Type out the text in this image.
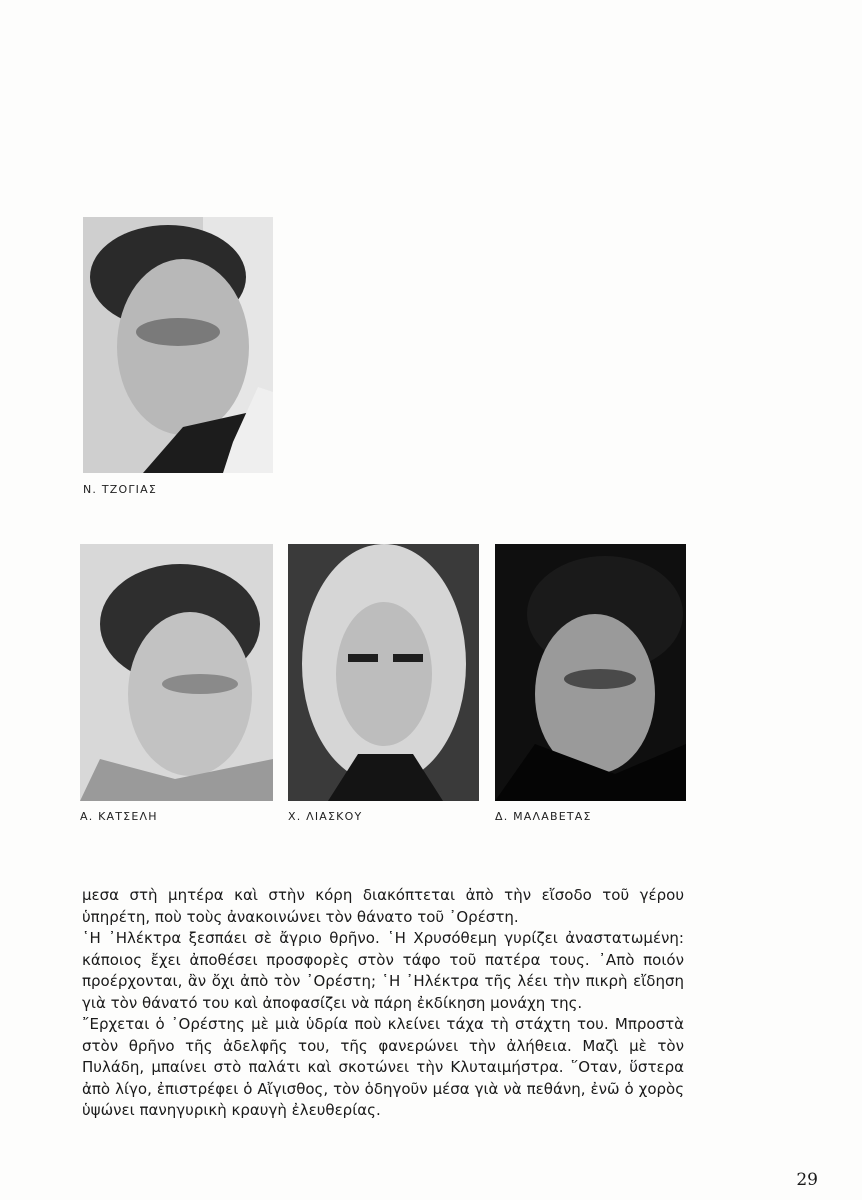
Ν. ΤΖΟΓΙΑΣ
Α. ΚΑΤΣΕΛΗ	Χ. ΛΙΑΣΚΟΥ	Δ. ΜΑΛΑΒΕΤΑΣ

μεσα στὴ μητέρα καὶ στὴν κόρη διακόπτεται ἀπὸ τὴν εἴσοδο τοῦ γέρου ὑπηρέτη, ποὺ τοὺς ἀνακοινώνει τὸν θάνατο τοῦ ᾿Ορέστη.

῾Η ᾿Ηλέκτρα ξεσπάει σὲ ἄγριο θρῆνο. ῾Η Χρυσόθεμη γυρίζει ἀναστατωμένη: κάποιος ἔχει ἀποθέσει προσφορὲς στὸν τάφο τοῦ πατέρα τους. ᾿Απὸ ποιόν προέρχονται, ἂν ὄχι ἀπὸ τὸν ᾿Ορέστη; ῾Η ᾿Ηλέκτρα τῆς λέει τὴν πικρὴ εἴδηση γιὰ τὸν θάνατό του καὶ ἀποφασίζει νὰ πάρη ἐκδίκηση μονάχη της.

῎Ερχεται ὁ ᾿Ορέστης μὲ μιὰ ὑδρία ποὺ κλείνει τάχα τὴ στάχτη του. Μπροστὰ στὸν θρῆνο τῆς ἀδελφῆς του, τῆς φανερώνει τὴν ἀλήθεια. Μαζὶ μὲ τὸν Πυλάδη, μπαίνει στὸ παλάτι καὶ σκοτώνει τὴν Κλυταιμήστρα. ῞Οταν, ὕστερα ἀπὸ λίγο, ἐπιστρέφει ὁ Αἴγισθος, τὸν ὁδηγοῦν μέσα γιὰ νὰ πεθάνη, ἐνῶ ὁ χορὸς ὑψώνει πανηγυρικὴ κραυγὴ ἐλευθερίας.

29
